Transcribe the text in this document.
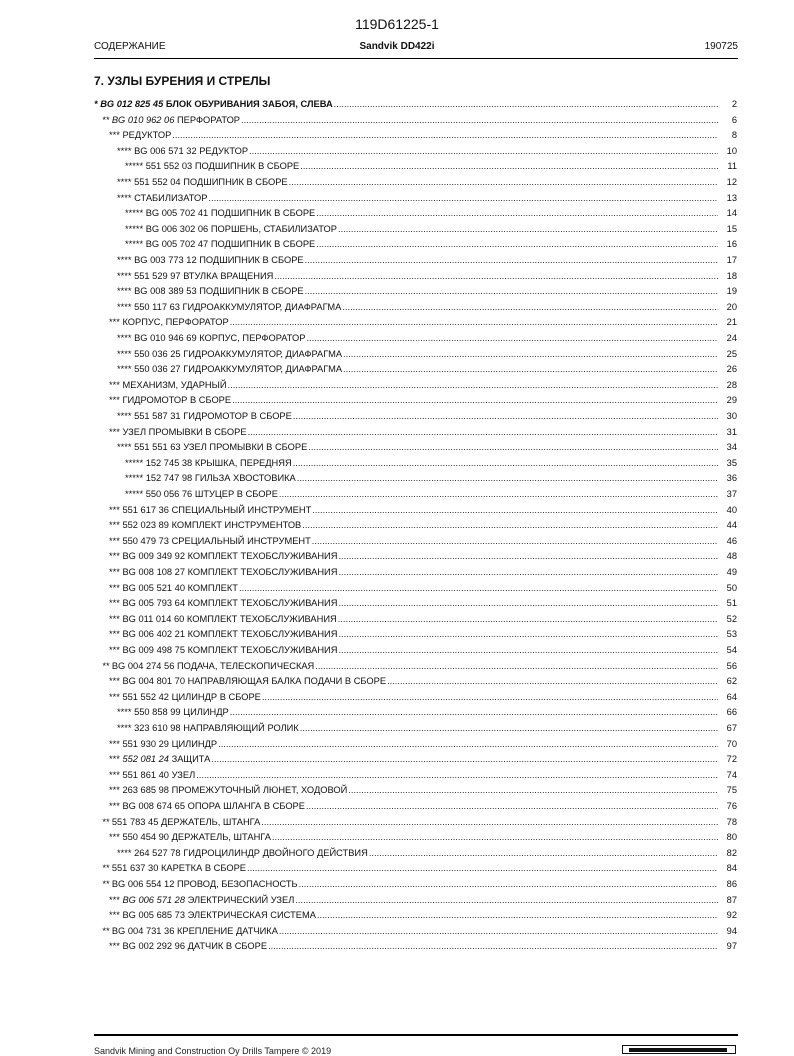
119D61225-1
СОДЕРЖАНИЕ	Sandvik DD422i	190725
7. УЗЛЫ БУРЕНИЯ И СТРЕЛЫ
* BG 012 825 45 БЛОК ОБУРИВАНИЯ ЗАБОЯ, СЛЕВА .....	2
** BG 010 962 06 ПЕРФОРАТОР .....	6
*** РЕДУКТОР .....	8
**** BG 006 571 32 РЕДУКТОР .....	10
***** 551 552 03 ПОДШИПНИК В СБОРЕ .....	11
**** 551 552 04 ПОДШИПНИК В СБОРЕ .....	12
**** СТАБИЛИЗАТОР .....	13
***** BG 005 702 41 ПОДШИПНИК В СБОРЕ .....	14
***** BG 006 302 06 ПОРШЕНЬ, СТАБИЛИЗАТОР .....	15
***** BG 005 702 47 ПОДШИПНИК В СБОРЕ .....	16
**** BG 003 773 12 ПОДШИПНИК В СБОРЕ .....	17
**** 551 529 97 ВТУЛКА ВРАЩЕНИЯ .....	18
**** BG 008 389 53 ПОДШИПНИК В СБОРЕ .....	19
**** 550 117 63 ГИДРОАККУМУЛЯТОР, ДИАФРАГМА .....	20
*** КОРПУС, ПЕРФОРАТОР .....	21
**** BG 010 946 69 КОРПУС, ПЕРФОРАТОР .....	24
**** 550 036 25 ГИДРОАККУМУЛЯТОР, ДИАФРАГМА .....	25
**** 550 036 27 ГИДРОАККУМУЛЯТОР, ДИАФРАГМА .....	26
*** МЕХАНИЗМ, УДАРНЫЙ .....	28
*** ГИДРОМОТОР В СБОРЕ .....	29
**** 551 587 31 ГИДРОМОТОР В СБОРЕ .....	30
*** УЗЕЛ ПРОМЫВКИ В СБОРЕ .....	31
**** 551 551 63 УЗЕЛ ПРОМЫВКИ В СБОРЕ .....	34
***** 152 745 38 КРЫШКА, ПЕРЕДНЯЯ .....	35
***** 152 747 98 ГИЛЬЗА ХВОСТОВИКА .....	36
***** 550 056 76 ШТУЦЕР В СБОРЕ .....	37
*** 551 617 36 СПЕЦИАЛЬНЫЙ ИНСТРУМЕНТ .....	40
*** 552 023 89 КОМПЛЕКТ ИНСТРУМЕНТОВ .....	44
*** 550 479 73 СРЕЦИАЛЬНЫЙ ИНСТРУМЕНТ .....	46
*** BG 009 349 92 КОМПЛЕКТ ТЕХОБСЛУЖИВАНИЯ .....	48
*** BG 008 108 27 КОМПЛЕКТ ТЕХОБСЛУЖИВАНИЯ .....	49
*** BG 005 521 40 КОМПЛЕКТ .....	50
*** BG 005 793 64 КОМПЛЕКТ ТЕХОБСЛУЖИВАНИЯ .....	51
*** BG 011 014 60 КОМПЛЕКТ ТЕХОБСЛУЖИВАНИЯ .....	52
*** BG 006 402 21 КОМПЛЕКТ ТЕХОБСЛУЖИВАНИЯ .....	53
*** BG 009 498 75 КОМПЛЕКТ ТЕХОБСЛУЖИВАНИЯ .....	54
** BG 004 274 56 ПОДАЧА, ТЕЛЕСКОПИЧЕСКАЯ .....	56
*** BG 004 801 70 НАПРАВЛЯЮЩАЯ БАЛКА ПОДАЧИ В СБОРЕ .....	62
*** 551 552 42 ЦИЛИНДР В СБОРЕ .....	64
**** 550 858 99 ЦИЛИНДР .....	66
**** 323 610 98 НАПРАВЛЯЮЩИЙ РОЛИК .....	67
*** 551 930 29 ЦИЛИНДР .....	70
*** 552 081 24 ЗАЩИТА .....	72
*** 551 861 40 УЗЕЛ .....	74
*** 263 685 98 ПРОМЕЖУТОЧНЫЙ ЛЮНЕТ, ХОДОВОЙ .....	75
*** BG 008 674 65 ОПОРА ШЛАНГА В СБОРЕ .....	76
** 551 783 45 ДЕРЖАТЕЛЬ, ШТАНГА .....	78
*** 550 454 90 ДЕРЖАТЕЛЬ, ШТАНГА .....	80
**** 264 527 78 ГИДРОЦИЛИНДР ДВОЙНОГО ДЕЙСТВИЯ .....	82
** 551 637 30 КАРЕТКА В СБОРЕ .....	84
** BG 006 554 12 ПРОВОД, БЕЗОПАСНОСТЬ .....	86
*** BG 006 571 28 ЭЛЕКТРИЧЕСКИЙ УЗЕЛ .....	87
*** BG 005 685 73 ЭЛЕКТРИЧЕСКАЯ СИСТЕМА .....	92
** BG 004 731 36 КРЕПЛЕНИЕ ДАТЧИКА .....	94
*** BG 002 292 96 ДАТЧИК В СБОРЕ .....	97
Sandvik Mining and Construction Oy Drills Tampere © 2019
